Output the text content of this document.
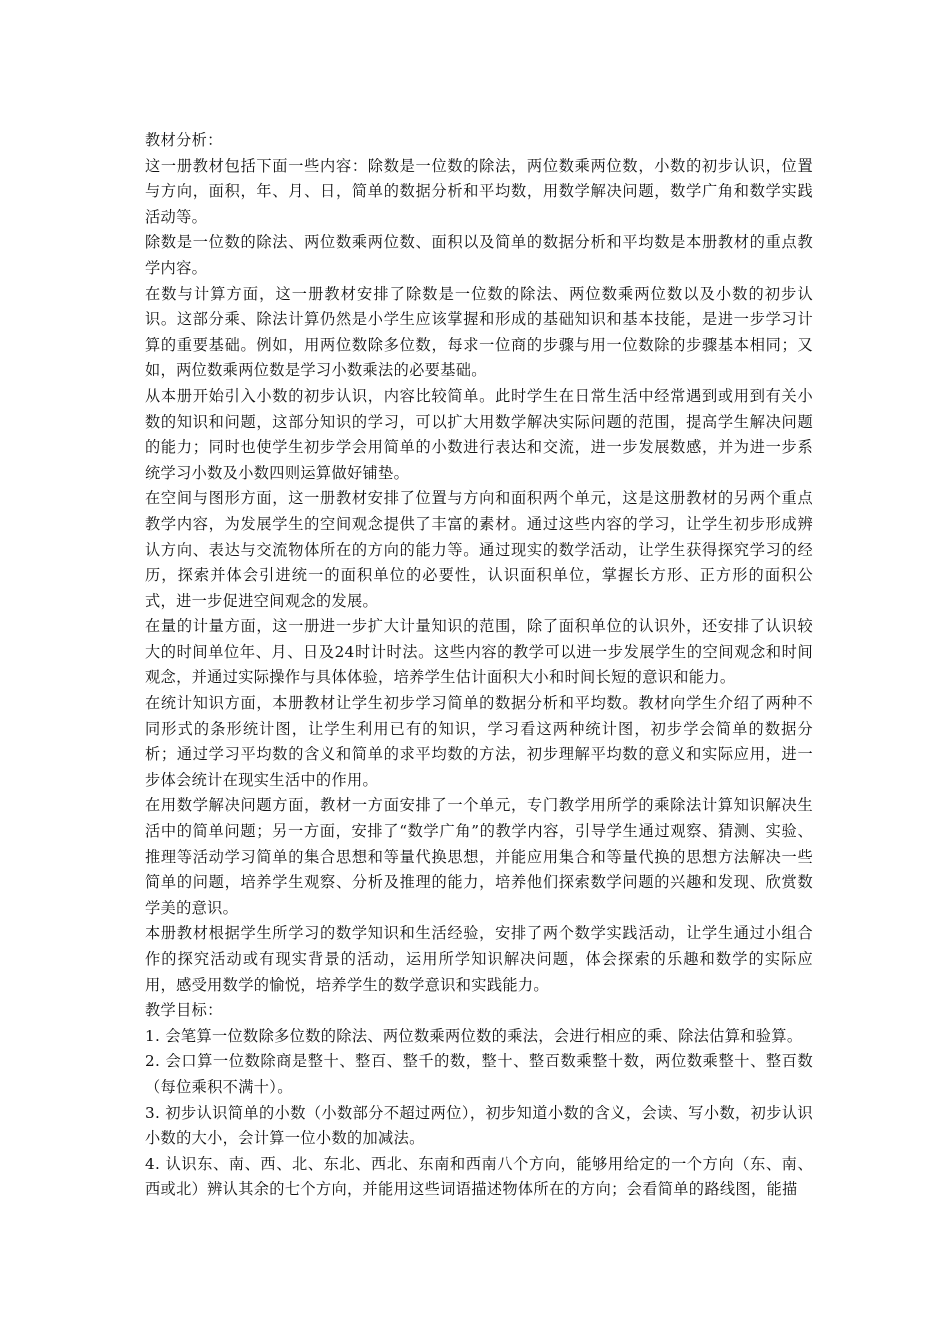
教材分析：

这一册教材包括下面一些内容：除数是一位数的除法，两位数乘两位数，小数的初步认识，位置与方向，面积，年、月、日，简单的数据分析和平均数，用数学解决问题，数学广角和数学实践活动等。

除数是一位数的除法、两位数乘两位数、面积以及简单的数据分析和平均数是本册教材的重点教学内容。

在数与计算方面，这一册教材安排了除数是一位数的除法、两位数乘两位数以及小数的初步认识。这部分乘、除法计算仍然是小学生应该掌握和形成的基础知识和基本技能，是进一步学习计算的重要基础。例如，用两位数除多位数，每求一位商的步骤与用一位数除的步骤基本相同；又如，两位数乘两位数是学习小数乘法的必要基础。

从本册开始引入小数的初步认识，内容比较简单。此时学生在日常生活中经常遇到或用到有关小数的知识和问题，这部分知识的学习，可以扩大用数学解决实际问题的范围，提高学生解决问题的能力；同时也使学生初步学会用简单的小数进行表达和交流，进一步发展数感，并为进一步系统学习小数及小数四则运算做好铺垫。

在空间与图形方面，这一册教材安排了位置与方向和面积两个单元，这是这册教材的另两个重点教学内容，为发展学生的空间观念提供了丰富的素材。通过这些内容的学习，让学生初步形成辨认方向、表达与交流物体所在的方向的能力等。通过现实的数学活动，让学生获得探究学习的经历，探索并体会引进统一的面积单位的必要性，认识面积单位，掌握长方形、正方形的面积公式，进一步促进空间观念的发展。

在量的计量方面，这一册进一步扩大计量知识的范围，除了面积单位的认识外，还安排了认识较大的时间单位年、月、日及24时计时法。这些内容的教学可以进一步发展学生的空间观念和时间观念，并通过实际操作与具体体验，培养学生估计面积大小和时间长短的意识和能力。

在统计知识方面，本册教材让学生初步学习简单的数据分析和平均数。教材向学生介绍了两种不同形式的条形统计图，让学生利用已有的知识，学习看这两种统计图，初步学会简单的数据分析；通过学习平均数的含义和简单的求平均数的方法，初步理解平均数的意义和实际应用，进一步体会统计在现实生活中的作用。

在用数学解决问题方面，教材一方面安排了一个单元，专门教学用所学的乘除法计算知识解决生活中的简单问题；另一方面，安排了“数学广角”的教学内容，引导学生通过观察、猜测、实验、推理等活动学习简单的集合思想和等量代换思想，并能应用集合和等量代换的思想方法解决一些简单的问题，培养学生观察、分析及推理的能力，培养他们探索数学问题的兴趣和发现、欣赏数学美的意识。

本册教材根据学生所学习的数学知识和生活经验，安排了两个数学实践活动，让学生通过小组合作的探究活动或有现实背景的活动，运用所学知识解决问题，体会探索的乐趣和数学的实际应用，感受用数学的愉悦，培养学生的数学意识和实践能力。

教学目标：

1. 会笔算一位数除多位数的除法、两位数乘两位数的乘法，会进行相应的乘、除法估算和验算。

2. 会口算一位数除商是整十、整百、整千的数，整十、整百数乘整十数，两位数乘整十、整百数（每位乘积不满十）。

3. 初步认识简单的小数（小数部分不超过两位），初步知道小数的含义，会读、写小数，初步认识小数的大小，会计算一位小数的加减法。

4. 认识东、南、西、北、东北、西北、东南和西南八个方向，能够用给定的一个方向（东、南、西或北）辨认其余的七个方向，并能用这些词语描述物体所在的方向；会看简单的路线图，能描
